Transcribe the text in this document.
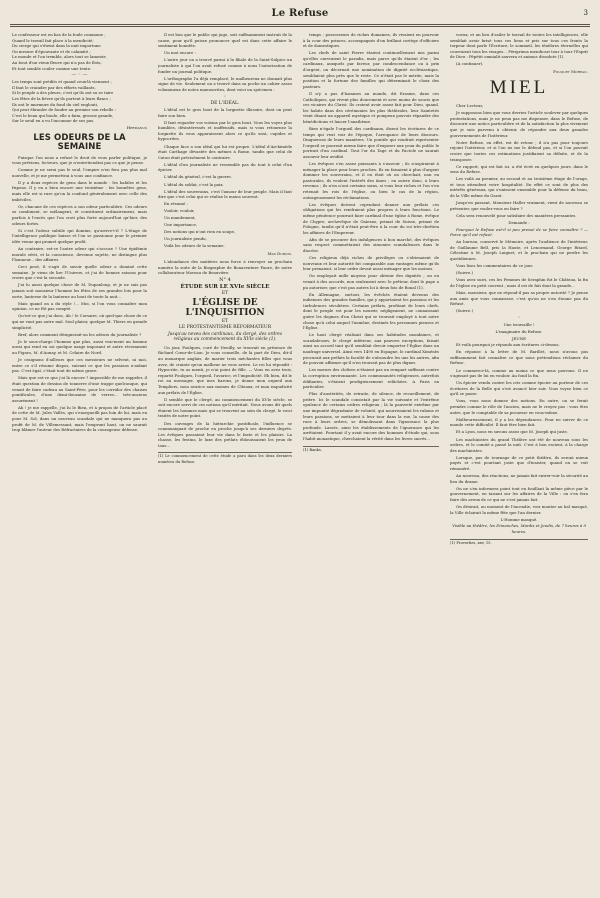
Le Refuse	3

Le confesseur est en bas de la foule commune ;

Quand le travail fait place à la mendicité,

Du cierge qui s'éteint dans la nuit importune

On mesure d'épouvante et de calamité ;

Le monde et l'on tremble, alors tout se lamente

Au bout d'un vieux fleuve qui n'a pas de flots,

Et tout semble couler comme une tente.

— ◦ —

Les temps sont prédits et quand ceux-là viennent ;

Il faut le craindre par des efforts vaillants,

Si le peuple a des pleurs, c'est qu'ils ont su se taire

Les fêtes de la fièvre qu'ils portent à leurs flancs ;

Ils ont le murmure du fond du ciel englouti,

Qui peut ébranler de fondre au premier son rebelle :

C'est le beau qui boule, elle a faim, grossie grande,

Sur le seuil en a vu l'inconnue de ses pas.

Hermanus
LES ODEURS DE LA SEMAINE

Puisque l'on nous a refusé le droit de vous parler politique, je vous préviens, lecteurs, que je n'entretiendrai pas ce que je pense.

Comme je ne serai pas le seul, l'empire n'en fera pas plus mal nouvelle, et je me permettrai à vous une confiance.

Il y a deux espèces de gens dans le monde : les habiles et les fripons. Il y en a bien encore une troisième : les honnêtes gens, mais elle est si rare qu'on la confond généralement avec celle des imbéciles.

Or, chacune de ces espèces a son odeur particulière. Ces odeurs se combinent, se mélangent, et constituent ordinairement, mais parfois à l'excès que l'on croit plus forte aujourd'hui qu'hier, des odeurs fortes.

Si c'est l'odeur subtile qui domine, qu'arrive-t-il ? L'étage de l'intelligence publique baisse et l'on se passionne pour le premier idée venue qui promet quelque profit.

Au contraire, est-ce l'autre odeur qui s'accuse ? Une épidémie morale sévit, et la conscience, devenue sujette, ne distingue plus l'honneur... des affaires.

Ceci posé, il s'agit de savoir quelle odeur a dominé cette semaine. Je viens de lire l'Univers, et j'ai de bonnes raisons pour croire que c'est la seconde.

J'ai lu aussi quelque chose de M. Dupanloup, et je ne sais pas jamais soit monsieur l'homme les fêtes de ses grandes lois pour la sorte, lanterne de la lanterne au bout de toute la nuit...

Mais quand on a du style !... Moi, si l'on vous connaître mon opinion, ce ne fût pas compté.

Qu'est-ce que j'ai donc, Ah ! le Corsaire, où quel-que chose de ce qui ne vaut pas autre mal. Seul plaisir, quelque M. Thiers en grande simplicité.

Bref, alors comment désignerait-on les odeurs du journaliste ?

Je le sous-charge l'homme que plus, aussi vrai-ment un homme aussi qui rend en soi quelque usage imposant et autre récemment au Figaro, M. d'Aunay, et M. Celaire de Nord.

Je craignons d'ailleurs que ces messieurs ne selvent, ni moi, entre ce s'il résume dispos, suivant ce que les passions n'aidant pas. C'est égal, c'était tout de même grave.

Mais que est-ce que j'ai là encore ? impossible de me rappeler, il était question de dessins de tonnerre d'une trappe quelconque, qui venait de faire cadeau au Saint-Père, pour les corridor des chaises pontificales, d'une demi-douzaine de verres... très-anciens assurément !

Ah ! je me rappelle, j'ai lu le Bien, et à propos de l'article placé de cette de M. Jules Vallès, qui s'enorgueilli pas loin de lui, mais en pour M. Sol, dans un nouveau scandale qui ne manquera pas au profit de M. de Villemessant, mais l'emprunt haut, on ne saurait trop blâmer l'auteur des Réfractaires de la courageuse défense.

Il est bon que le public qui juge, soit suffisamment instruit de la cause, pour qu'il puisse prononcer quel est dans cette affaire le sentiment honnête.

Un mot encore :

L'autre jour on a trouvé parmi à la filiale de la Saint-Sulpice un journaliste à qui l'on avait refusé comme à nous l'autorisation de fonder un journal politique.

L'orthographe l'a déjà remplacé, le malheureux ne donnait plus signe de vie. Seulement on a trouvé dans sa poche un cahier assez volumineux de notes manuscrites, dont voici un spécimen :

◦
DE L'IDÉAL.

L'idéal est le gros bout de la lorgnette illusoire, dont on peut faire son bien.

Il faut regarder vos voisins par le gros bout. Vous les voyez plus humbles, désintéressés et inoffensifs, mais si vous retournez la lorgnette ils vous apparaissent alors ce qu'ils sont, cupides et hypocrites.

Chaque face a son idéal qui lui est propre. L'idéal d'Archimède était Carthage dévastée des mêmes à Rome, tandis que celui de Caton était précisément le contraire.

L'idéal d'un journaliste ne ressemble pas du tout à celui d'un épicier.

L'idéal du général, c'est la guerre.

L'idéal du soldat, c'est la paix.

L'idéal des souverains, c'est l'amour de leur peuple. Mais il faut dire que c'est celui qui se réalise le moins souvent.

En résumé :

Vouloir, vouloir,

Un mandement,

Une importance,

Des notions qui n'ont rien en soupe,

Un journaliste pendu,

Voilà les odeurs de la semaine.

Max Dubois.

L'abondance des matières nous force à renvoyer au prochain numéro la suite de la Biographie de Bonaventure Faure, de notre collaborateur Moreau de Beauvière.

N° 4
ÉTUDE SUR LE XVIe SIÈCLE
ET
L'ÉGLISE DE L'INQUISITION
ET
LE PROTESTANTISME RÉFORMATEUR
Jusqu'au neveu des cardinaux, du clergé, des ordres religieux au commencement du XVIe siècle (1).

Un jour, Foulques, curé de Neuilly, se trouvait en présence de Richard Cœur-de-Lion. Je vous conseille, de la part de Dieu, dit-il au monarque anglais, de marier trois méchantes filles que vous avez, de crainte qu'un malheur ne vous arrive. Le roi lui répondit : Hypocrite, tu as menti, je n'ai point de fille. — Vous en avez trois, repartit Foulques, l'orgueil, l'avarice, et l'impudicité. Eh bien, dit le roi au messager, que mes barons, je donne mon orgueil aux Templiers, mon avarice aux moines de Cîteaux, et mon impudicité aux prélats de l'Église.

Il semble que le clergé, au commencement du XVIe siècle, se soit encore servi de ces notions qu'il méritait. Nous avons dit quels étaient les hommes mais qui se trouvent au sein du clergé, le voici traités de notre point.

Des ouvrages de la hiérarchie pontificale, l'influence se communiquait de proche en proche jusqu'à ses derniers degrés. Les évêques passaient leur vie dans le faste et les plaisirs. La chasse, les festins, le luxe des prélats éblouissaient les yeux de tous...

(1) Le commencement de cette étude a paru dans les deux derniers numéros du Refuse.

temps ; possesseurs de riches domaines, ils vivaient en pourvoir à la cour des princes, accompagnés d'un brillant cortège d'officiers et de domestiques.

Les chefs de saint Pierre étaient continuellement mis parmi qu'elles ourvraient le paradis, mais parce qu'ils étaient d'or ; les cardinaux, auxquels par faveur, par condescendance ou à prix d'argent, on décernait une nomination de dignité ecclésiastique, semblaient plus près que le reste. Ce n'était pas le mérite, mais la position et la fortune des familles qui déterminait le choix des pasteurs.

Il n'y a pas d'hommes au monde, dit Erasme, dans ces Catholiques, qui vivent plus doucement et avec moins de soucis que ces vicaires du Christ. Ils croient avoir assez fait pour Dieu, quand, les habits dans des cérémonies les plus théâtrales, leur Saintetés vient disant un appareil mystique et pompeux pouvoir répandre des bénédictions et lancer l'anathème.

Bien n'égale l'orgueil des cardinaux, disent les écritures de ce temps qui veut voir de l'époque, l'arrogance de leurs discours. Dinguerons de leurs manières. Un pontife qui voudrait représenter l'orgueil se pourrait mieux faire que d'exposer aux yeux du public le portrait d'un cardinal. Tout l'or du Tage et du Pactole ne saurait assouvir leur avidité.

Les évêques s'en assez puissants à s'asseoir ; ils n'aspiraient à ménager la place pour leurs proches. Ils en faisaient à plus d'argent dominer les souverains, et il en était où on cherchait, non en pastorales, ils veulent l'intérêt des âmes ; en suivre donc, à leurs revenus ; ils n'en n'ont certains soins, si vous leur riches et l'on s'en retenait les rois de l'église, ou bien le cas de la région, outrageusement les réclamations.

Les évêques doivent cependant donner aux prélats ces obligations qui les rendraient plus propres à leurs fonctions. Le même pénitence pourrait faire cardinal d'une église à Rome, évêque de Chypre, archevêque de Gniezno, primat de Suisse, primat de Pologne, tandis qu'il n'était peut-être à la cour du roi très-chrétien les affaires de l'Empereur.

Afin de se procurer des indulgences à bon marché, des évêques sans respect commettaient des simonies scandaleuses dans le diocèse.

Ces religieux déjà riches de privilèges ou s'obtenaient de nouveaux et leur autorité fut comparable aux vantages même qu'ils leur prenaient, si leur ordre devait aussi ménager que les moines.

On employait mille moyens pour obtenir des dignités ; on en venait à des accords, non seulement avec le prêteur, dont le pape a pu autoriser, que c'est pas autres loi à deux fois de Bonal (1).

En Allemagne, surtout, les évêchés étaient devenus des indiennes des grandes familles, qui y apportaient les passions et les turbulences séculières. Certains prélats, profitant de leurs chefs, dont le peuple est pour les nourrir, négligeaient, ne connaissant guère les dogmes d'un Christ qui se trouvait employé à tout autre chose qu'à celui auquel l'aumône, destinés les personnes pieuses et l'Église.

Le haut clergé réalisait dans ses habitudes mondaines, et scandaleuses, le clergé inférieur, aux pauvres exceptions, faisait ainsi un accord tant qu'il semblait devoir emporter l'Église dans un naufrage universel. Ainsi vers 1490 en Espagne, le cardinal Ximénès procurait aux prélats la faculté de s'absoudre les uns les autres, afin de pouvoir affirmer qu'il n'en trouvait pas de plus dignes.

Les mœurs des cloîtres n'étaient pas un rempart suffisant contre la corruption environnante. Les communautés religieuses, autrefois édifiantes, s'étaient prodigieusement relâchées. A Paris en particulier.

Plus d'austérités, de retraite, de silence, de recueillement, de prière. Ici le scandale consistait par la vie suivante et l'extrême opulence de certains ordres religieux ; là la pauvreté extrême par une impunité dégradante de volonté, qui nourrissaient les rubans et leurs passions, se mettaient à leur tour dans la rue, la cause des rues à leurs ordres, se démolissant dans l'ignorance la plus profonde. Lassés, ainsi les établissements de l'ignorance qui les arrêtaient. Pourtant il y avait encore des hommes d'étude qui, sous l'habit monastique, cherchaient la vérité dans les livres sacrés...

(1) Banks.

voeux, et un lieu d'asiler le travail de toutes les intelligences, elle semblait avoir brisé tous ces liens et pris sur tous ces fronts la torpeur dont parle l'Écriture, le sommeil, les ténèbres éternelles qui couvraient tous les visages... Périgrinus mendicari tour à tour l'Esprit de Dieu : Pépétit omnialit sauvera et animus dissolute (1).

(A continuer).

Fouquet Moreau.
MIEL

Cher Lecteur,

Je supposons bien que vous devriez l'article soulever par quelques protestations, mais je ne peux pas me dispenser, dans le Refuse, de discourir une notice particulière et de la satisfaction la plus vivement que je suis parvenu à obtenir, de répondre aux deux grandes gouvernements de l'intérieur.

Notre Refuse, en effet, est de retour ; il n'a pas pour toujours rejoint l'intérieur, et si l'on ne me le défend pas, et si l'on pouvait croire que toutes ces estimations justifiaient sa défaite, et de la transposer.

Ce rapport, qui est fait ici, a été écrit en quelques jours, dans le sens du Refuse.

Les voilà au premier, au second et au troisième étage de l'orage, et tous attendent votre hospitalité. En effet ce sont de plus des intérêts généraux, qui s'unissent ensemble pour la défense du beau, de la Ville même du Garat.

Jusqu'en passant, Monsieur Haller vraiment, vient de nouveau se présenter, que voulez-vous en faire ?

Cela sera renouvelé pour satisfaire des manières pressantes.

Demande :

Pourquoi le Refuse est-il si peu pressé de se faire connaître ? — Parce qu'il est refusé.

Au bureau, conservé le Mémoire, après l'audience de l'intérieur, de Guillaume Bell, pris la Haute, et Lenormand, George Ritard, Célestine à M. Joseph Luignet, et le prochain qui ne perdre les quotidiennes.

Vous lisez les commentaires de ce jour.

(Suivre.)

Vous avez suivi, ces les Femmes de Seraphin fut le Château, la fin de l'église en petit couvent ; mais il est de fait dont la grande...

Mais, monsieur, que ne répond-il pas sa propre autorité ? Je pense aux amis que vous connaissez, c'est qu'on ne s'en étonne pas du Refusé.

(Suivre.)

◦
Une trouvaille !
L'imaginaire du Refuse.
JEUNE

Et voilà pourquoi je réponds aux écritures ci-dessus.

En réponse à la lettre de M. Barillet, nous n'avons pas suffisamment fait connaître ce que nous prétendions réclamer du Refuse.

Le commerce-là, comme au moins ce que nous pouvons. Il ne s'agissait pas de lui en vouloir. Au fond la fin.

Un épicier vendu contre les cris comme épicier au porteur de ces écritures de la Belle qui s'est avancé hier soir. Vous voyez bien ce qu'il se passe.

Vous, vous nous donnez des notions. En outre, on se ferait prendre comme le rôle de l'ancien, mais ne le croyez pas : vous êtes autre, que le comptable de sa prouesse en vous-même.

Malheureusement, il y a les dépendances. Pour ne suivre de ce monde cette difficulté. Il faut être bien fait.

Et a Lyon, nous en savons assez que M. Joseph qui juste.

Les machinistes du grand Théâtre ont été de nouveau sous les ordres, et le comité a passé la nuit. C'est à bon escient, à la charge des machinistes.

Lorsque, pas de tournage de ce petit théâtre, ils seront mieux payés et c'est pourtant juste que d'insister, quand on se voit rémunéré.

Au nouveau, des réactions, ne jamais fait entrer-voir la sécurité au lieu du drame.

On ne s'en informera point tout en fouillant la même pièce par le gouvernement, en taisant sur les affaires de la Ville : on s'en fera faire des aveux de ce qui ne s'est jamais fait.

On désirait, au moment de l'incendie, voir monter au bal masqué, la Ville éclairait la même fête que l'an dernier.

L'Homme masqué.
Visible au théâtre, les Dimanches, Mardis et Jeudis, de 7 heures à 9 heures.
(1) Proverbes, xxv, 15.
